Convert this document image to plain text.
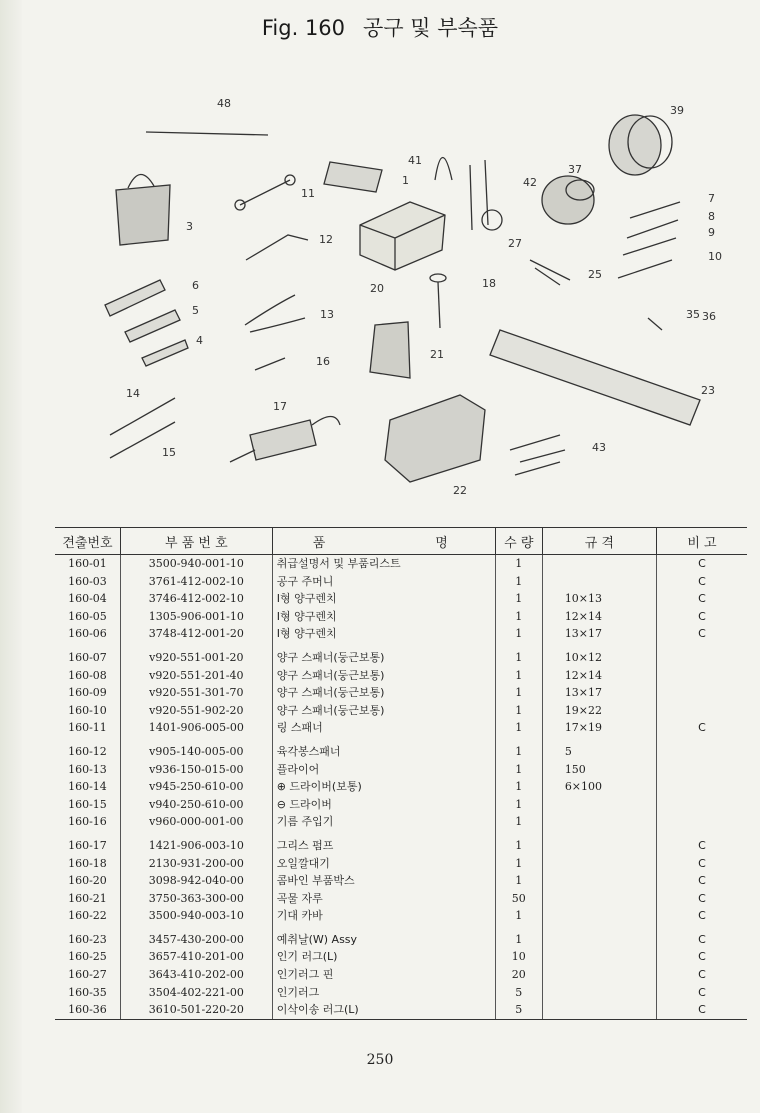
Fig. 160 공구 및 부속품
48
39
41
42
37
1
11
3
12
20
27
25
7
8
9
10
6
5
18
35 36
4
13
16
21
14
17
23
15	43
22
견출번호	부 품 번 호	품 명	수 량	규 격	비 고
160-01	3500-940-001-10	취급설명서 및 부품리스트	1		C
160-03	3761-412-002-10	공구 주머니	1		C
160-04	3746-412-002-10	Ⅰ형 양구렌치	1	10×13	C
160-05	1305-906-001-10	Ⅰ형 양구렌치	1	12×14	C
160-06	3748-412-001-20	Ⅰ형 양구렌치	1	13×17	C
160-07	v920-551-001-20	양구 스패너(둥근보통)	1	10×12	
160-08	v920-551-201-40	양구 스패너(둥근보통)	1	12×14	
160-09	v920-551-301-70	양구 스패너(둥근보통)	1	13×17	
160-10	v920-551-902-20	양구 스패너(둥근보통)	1	19×22	
160-11	1401-906-005-00	링 스패너	1	17×19	C
160-12	v905-140-005-00	육각봉스패너	1	5	
160-13	v936-150-015-00	플라이어	1	150	
160-14	v945-250-610-00	⊕ 드라이버(보통)	1	6×100	
160-15	v940-250-610-00	⊖ 드라이버	1		
160-16	v960-000-001-00	기름 주입기	1		
160-17	1421-906-003-10	그리스 펌프	1		C
160-18	2130-931-200-00	오일깔대기	1		C
160-20	3098-942-040-00	콤바인 부품박스	1		C
160-21	3750-363-300-00	곡물 자루	50		C
160-22	3500-940-003-10	기대 카바	1		C
160-23	3457-430-200-00	예취날(W) Assy	1		C
160-25	3657-410-201-00	인기 러그(L)	10		C
160-27	3643-410-202-00	인기러그 핀	20		C
160-35	3504-402-221-00	인기러그	5		C
160-36	3610-501-220-20	이삭이송 러그(L)	5		C
250
